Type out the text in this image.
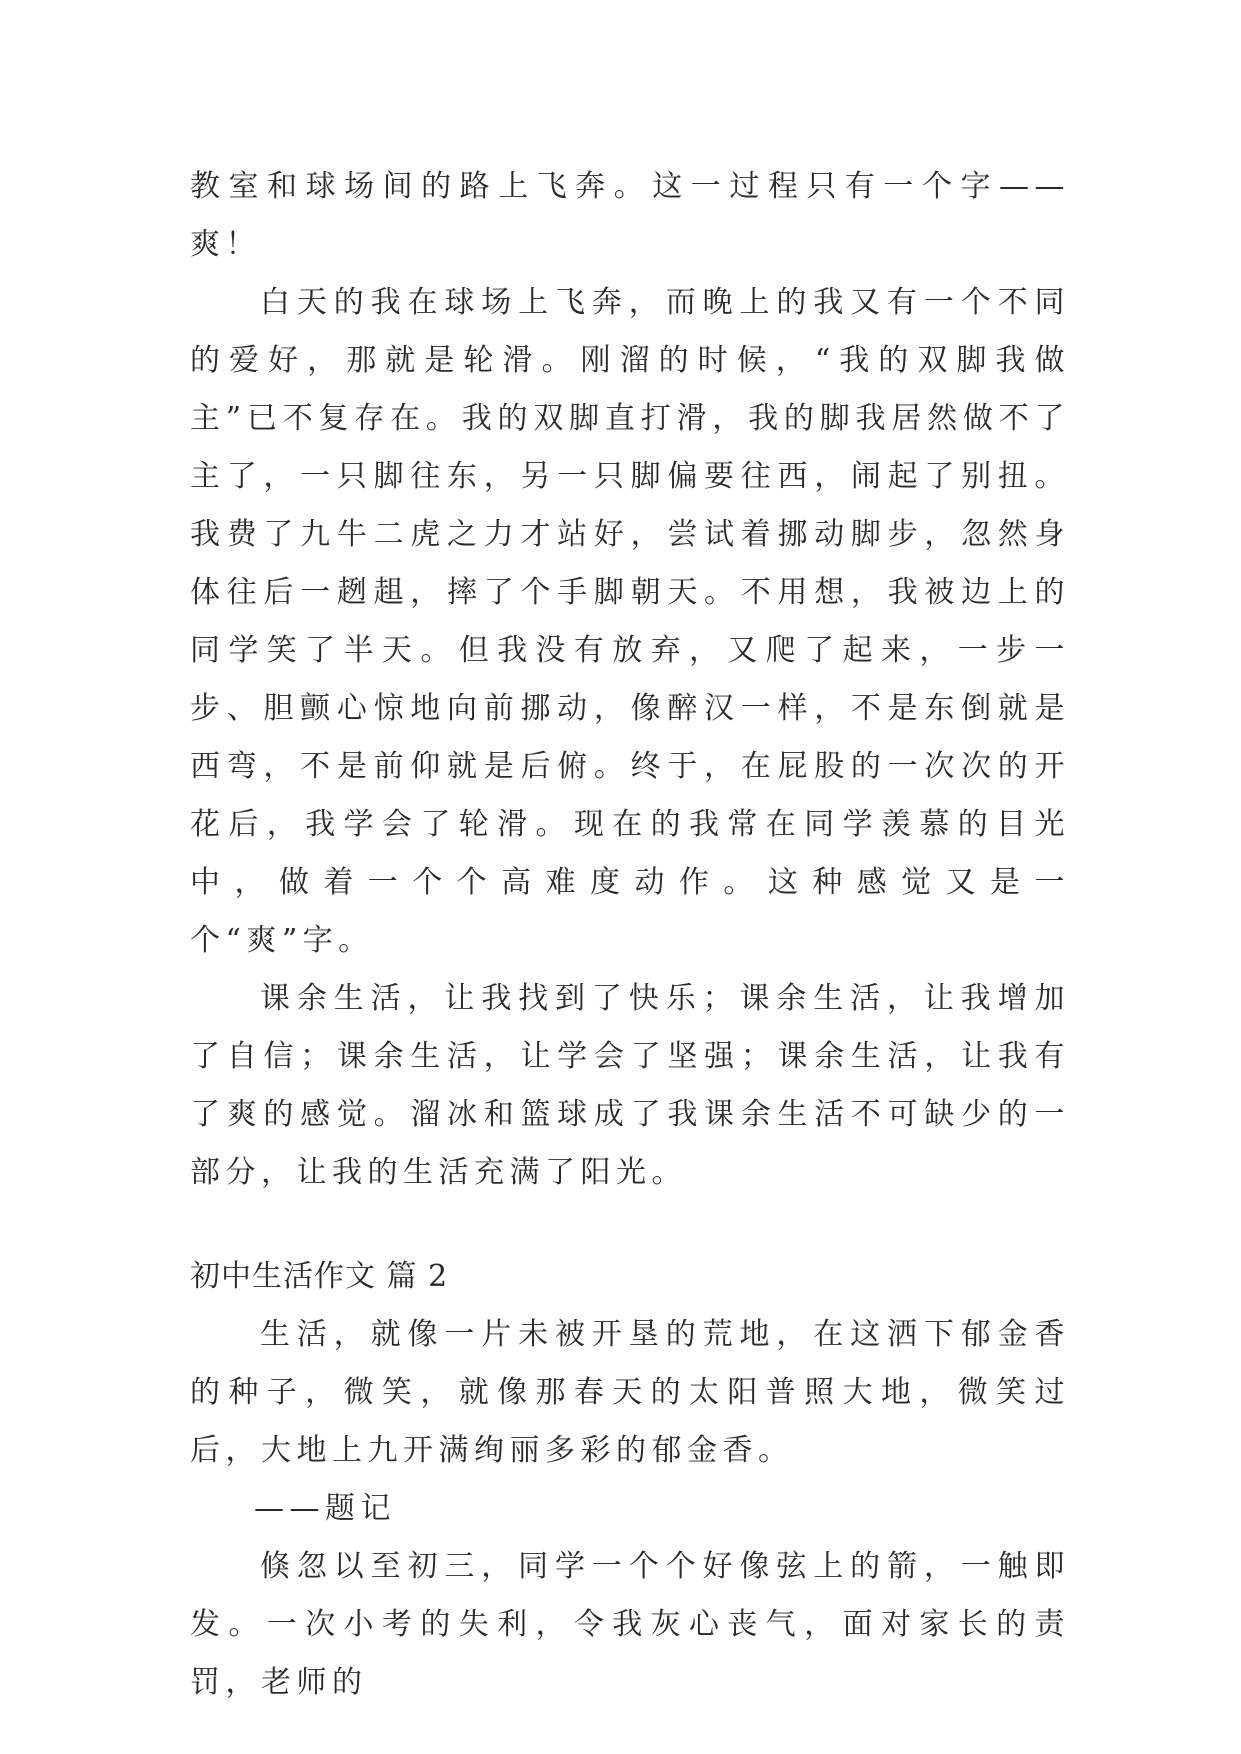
教室和球场间的路上飞奔。这一过程只有一个字——爽！

白天的我在球场上飞奔，而晚上的我又有一个不同的爱好，那就是轮滑。刚溜的时候，“我的双脚我做主”已不复存在。我的双脚直打滑，我的脚我居然做不了主了，一只脚往东，另一只脚偏要往西，闹起了别扭。我费了九牛二虎之力才站好，尝试着挪动脚步，忽然身体往后一趔趄，摔了个手脚朝天。不用想，我被边上的同学笑了半天。但我没有放弃，又爬了起来，一步一步、胆颤心惊地向前挪动，像醉汉一样，不是东倒就是西弯，不是前仰就是后俯。终于，在屁股的一次次的开花后，我学会了轮滑。现在的我常在同学羡慕的目光中，做着一个个高难度动作。这种感觉又是一个“爽”字。

课余生活，让我找到了快乐；课余生活，让我增加了自信；课余生活，让学会了坚强；课余生活，让我有了爽的感觉。溜冰和篮球成了我课余生活不可缺少的一部分，让我的生活充满了阳光。

初中生活作文 篇 2

生活，就像一片未被开垦的荒地，在这洒下郁金香的种子，微笑，就像那春天的太阳普照大地，微笑过后，大地上九开满绚丽多彩的郁金香。

——题记

倏忽以至初三，同学一个个好像弦上的箭，一触即发。一次小考的失利，令我灰心丧气，面对家长的责罚，老师的
